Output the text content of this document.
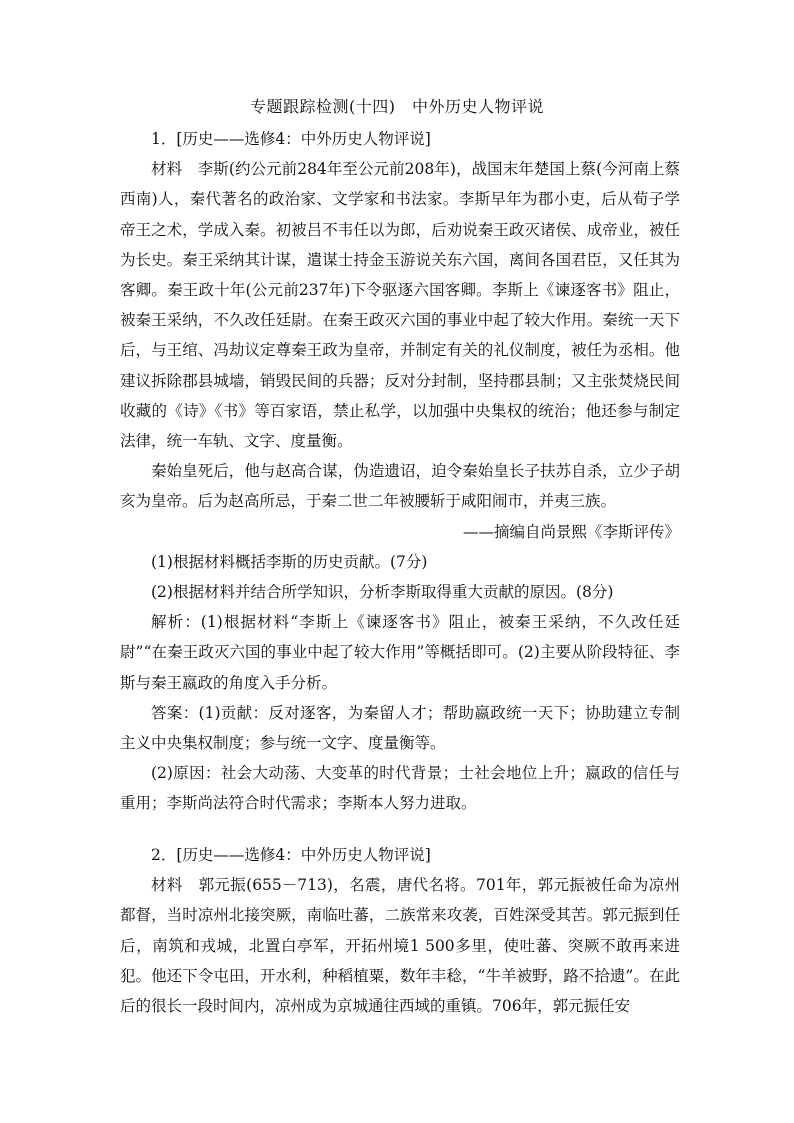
专题跟踪检测(十四)　中外历史人物评说

1．[历史——选修4：中外历史人物评说]

材料　李斯(约公元前284年至公元前208年)，战国末年楚国上蔡(今河南上蔡西南)人，秦代著名的政治家、文学家和书法家。李斯早年为郡小吏，后从荀子学帝王之术，学成入秦。初被吕不韦任以为郎，后劝说秦王政灭诸侯、成帝业，被任为长史。秦王采纳其计谋，遣谋士持金玉游说关东六国，离间各国君臣，又任其为客卿。秦王政十年(公元前237年)下令驱逐六国客卿。李斯上《谏逐客书》阻止，被秦王采纳，不久改任廷尉。在秦王政灭六国的事业中起了较大作用。秦统一天下后，与王绾、冯劫议定尊秦王政为皇帝，并制定有关的礼仪制度，被任为丞相。他建议拆除郡县城墙，销毁民间的兵器；反对分封制，坚持郡县制；又主张焚烧民间收藏的《诗》《书》等百家语，禁止私学，以加强中央集权的统治；他还参与制定法律，统一车轨、文字、度量衡。

秦始皇死后，他与赵高合谋，伪造遗诏，迫令秦始皇长子扶苏自杀，立少子胡亥为皇帝。后为赵高所忌，于秦二世二年被腰斩于咸阳闹市，并夷三族。

——摘编自尚景熙《李斯评传》

(1)根据材料概括李斯的历史贡献。(7分)

(2)根据材料并结合所学知识，分析李斯取得重大贡献的原因。(8分)

解析：(1)根据材料“李斯上《谏逐客书》阻止，被秦王采纳，不久改任廷尉”“在秦王政灭六国的事业中起了较大作用”等概括即可。(2)主要从阶段特征、李斯与秦王嬴政的角度入手分析。

答案：(1)贡献：反对逐客，为秦留人才；帮助嬴政统一天下；协助建立专制主义中央集权制度；参与统一文字、度量衡等。

(2)原因：社会大动荡、大变革的时代背景；士社会地位上升；嬴政的信任与重用；李斯尚法符合时代需求；李斯本人努力进取。

2．[历史——选修4：中外历史人物评说]

材料　郭元振(655－713)，名震，唐代名将。701年，郭元振被任命为凉州都督，当时凉州北接突厥，南临吐蕃，二族常来攻袭，百姓深受其苦。郭元振到任后，南筑和戎城，北置白亭军，开拓州境1 500多里，使吐蕃、突厥不敢再来进犯。他还下令屯田，开水利，种稻植粟，数年丰稔，“牛羊被野，路不拾遗”。在此后的很长一段时间内，凉州成为京城通往西域的重镇。706年，郭元振任安
